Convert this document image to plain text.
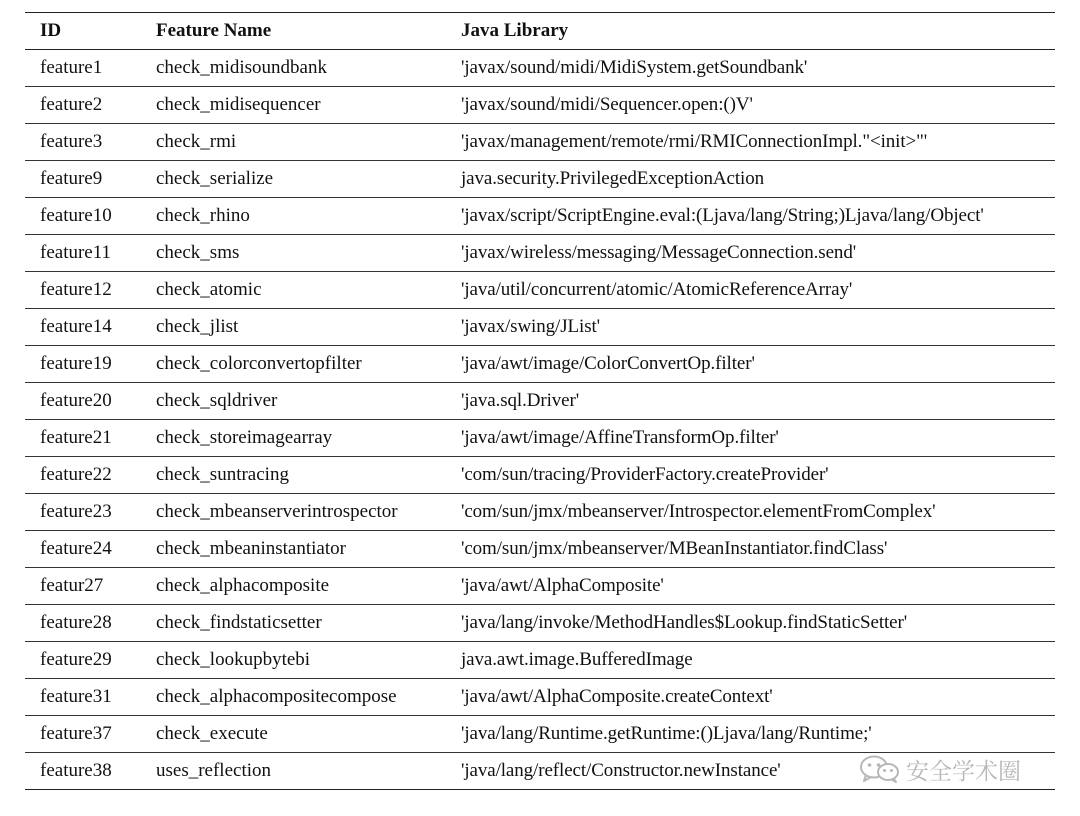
ID	Feature Name	Java Library
feature1	check_midisoundbank	'javax/sound/midi/MidiSystem.getSoundbank'
feature2	check_midisequencer	'javax/sound/midi/Sequencer.open:()V'
feature3	check_rmi	'javax/management/remote/rmi/RMIConnectionImpl."<init>"'
feature9	check_serialize	java.security.PrivilegedExceptionAction
feature10	check_rhino	'javax/script/ScriptEngine.eval:(Ljava/lang/String;)Ljava/lang/Object'
feature11	check_sms	'javax/wireless/messaging/MessageConnection.send'
feature12	check_atomic	'java/util/concurrent/atomic/AtomicReferenceArray'
feature14	check_jlist	'javax/swing/JList'
feature19	check_colorconvertopfilter	'java/awt/image/ColorConvertOp.filter'
feature20	check_sqldriver	'java.sql.Driver'
feature21	check_storeimagearray	'java/awt/image/AffineTransformOp.filter'
feature22	check_suntracing	'com/sun/tracing/ProviderFactory.createProvider'
feature23	check_mbeanserverintrospector	'com/sun/jmx/mbeanserver/Introspector.elementFromComplex'
feature24	check_mbeaninstantiator	'com/sun/jmx/mbeanserver/MBeanInstantiator.findClass'
featur27	check_alphacomposite	'java/awt/AlphaComposite'
feature28	check_findstaticsetter	'java/lang/invoke/MethodHandles$Lookup.findStaticSetter'
feature29	check_lookupbytebi	java.awt.image.BufferedImage
feature31	check_alphacompositecompose	'java/awt/AlphaComposite.createContext'
feature37	check_execute	'java/lang/Runtime.getRuntime:()Ljava/lang/Runtime;'
feature38	uses_reflection	'java/lang/reflect/Constructor.newInstance'	安全学术圈
